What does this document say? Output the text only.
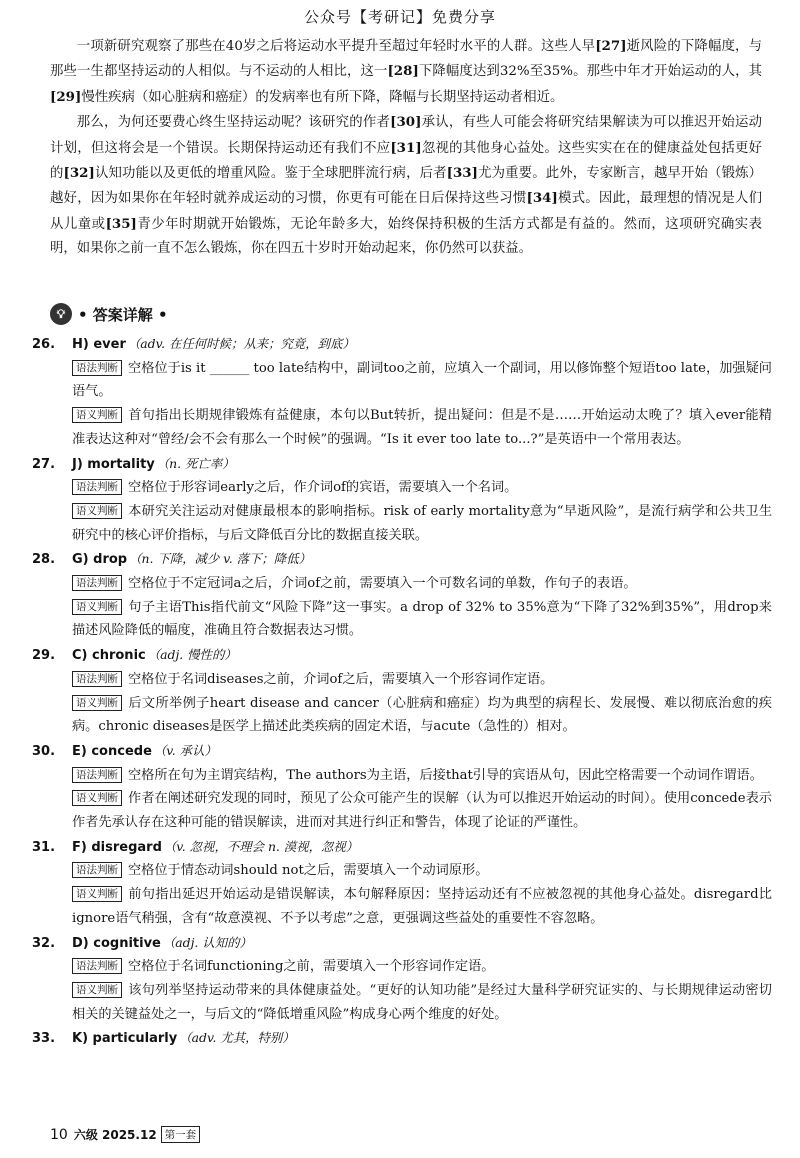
公众号【考研记】免费分享

一项新研究观察了那些在40岁之后将运动水平提升至超过年轻时水平的人群。这些人早[27]逝风险的下降幅度，与那些一生都坚持运动的人相似。与不运动的人相比，这一[28]下降幅度达到32%至35%。那些中年才开始运动的人，其[29]慢性疾病（如心脏病和癌症）的发病率也有所下降，降幅与长期坚持运动者相近。

那么，为何还要费心终生坚持运动呢？该研究的作者[30]承认，有些人可能会将研究结果解读为可以推迟开始运动计划，但这将会是一个错误。长期保持运动还有我们不应[31]忽视的其他身心益处。这些实实在在的健康益处包括更好的[32]认知功能以及更低的增重风险。鉴于全球肥胖流行病，后者[33]尤为重要。此外，专家断言，越早开始（锻炼）越好，因为如果你在年轻时就养成运动的习惯，你更有可能在日后保持这些习惯[34]模式。因此，最理想的情况是人们从儿童或[35]青少年时期就开始锻炼，无论年龄多大，始终保持积极的生活方式都是有益的。然而，这项研究确实表明，如果你之前一直不怎么锻炼，你在四五十岁时开始动起来，你仍然可以获益。

💡︎ • 答案详解 •
26.	H) ever （adv. 在任何时候；从来；究竟，到底）
语法判断 空格位于is it ______ too late结构中，副词too之前，应填入一个副词，用以修饰整个短语too late，加强疑问语气。
语义判断 首句指出长期规律锻炼有益健康，本句以But转折，提出疑问：但是不是……开始运动太晚了？填入ever能精准表达这种对“曾经/会不会有那么一个时候”的强调。“Is it ever too late to...?”是英语中一个常用表达。
27.	J) mortality （n. 死亡率）
语法判断 空格位于形容词early之后，作介词of的宾语，需要填入一个名词。
语义判断 本研究关注运动对健康最根本的影响指标。risk of early mortality意为“早逝风险”，是流行病学和公共卫生研究中的核心评价指标，与后文降低百分比的数据直接关联。
28.	G) drop （n. 下降，减少 v. 落下；降低）
语法判断 空格位于不定冠词a之后，介词of之前，需要填入一个可数名词的单数，作句子的表语。
语义判断 句子主语This指代前文“风险下降”这一事实。a drop of 32% to 35%意为“下降了32%到35%”，用drop来描述风险降低的幅度，准确且符合数据表达习惯。
29.	C) chronic （adj. 慢性的）
语法判断 空格位于名词diseases之前，介词of之后，需要填入一个形容词作定语。
语义判断 后文所举例子heart disease and cancer（心脏病和癌症）均为典型的病程长、发展慢、难以彻底治愈的疾病。chronic diseases是医学上描述此类疾病的固定术语，与acute（急性的）相对。
30.	E) concede （v. 承认）
语法判断 空格所在句为主谓宾结构，The authors为主语，后接that引导的宾语从句，因此空格需要一个动词作谓语。
语义判断 作者在阐述研究发现的同时，预见了公众可能产生的误解（认为可以推迟开始运动的时间）。使用concede表示作者先承认存在这种可能的错误解读，进而对其进行纠正和警告，体现了论证的严谨性。
31.	F) disregard （v. 忽视，不理会 n. 漠视，忽视）
语法判断 空格位于情态动词should not之后，需要填入一个动词原形。
语义判断 前句指出延迟开始运动是错误解读，本句解释原因：坚持运动还有不应被忽视的其他身心益处。disregard比ignore语气稍强，含有“故意漠视、不予以考虑”之意，更强调这些益处的重要性不容忽略。
32.	D) cognitive （adj. 认知的）
语法判断 空格位于名词functioning之前，需要填入一个形容词作定语。
语义判断 该句列举坚持运动带来的具体健康益处。“更好的认知功能”是经过大量科学研究证实的、与长期规律运动密切相关的关键益处之一，与后文的“降低增重风险”构成身心两个维度的好处。
33.	K) particularly （adv. 尤其，特别）
10 六级 2025.12 第一套
